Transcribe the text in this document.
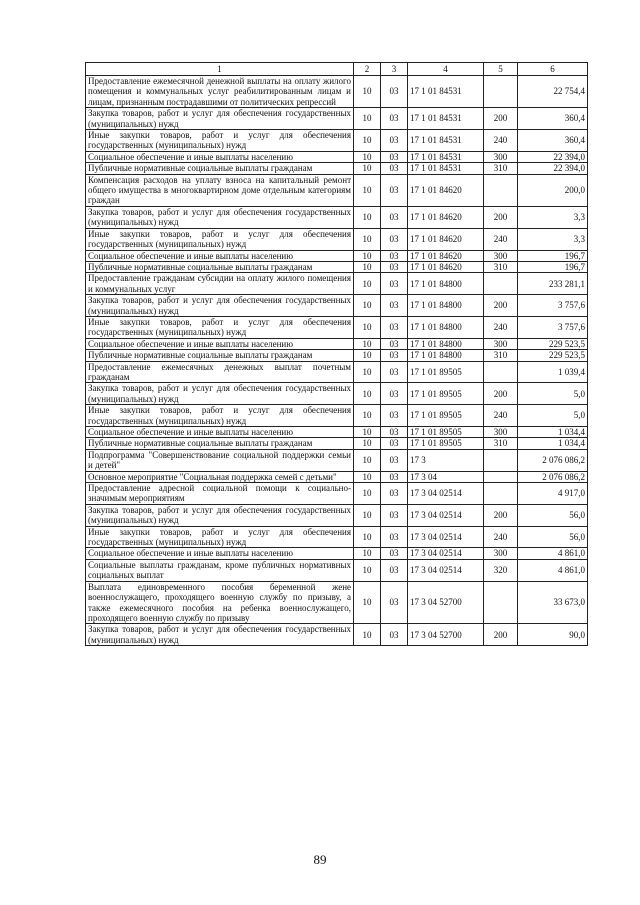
1	2	3	4	5	6
Предоставление ежемесячной денежной выплаты на оплату жилого помещения и коммунальных услуг реабилитированным лицам и лицам, признанным пострадавшими от политических репрессий	10	03	17 1 01 84531		22 754,4
Закупка товаров, работ и услуг для обеспечения государственных (муниципальных) нужд	10	03	17 1 01 84531	200	360,4
Иные закупки товаров, работ и услуг для обеспечения государственных (муниципальных) нужд	10	03	17 1 01 84531	240	360,4
Социальное обеспечение и иные выплаты населению	10	03	17 1 01 84531	300	22 394,0
Публичные нормативные социальные выплаты гражданам	10	03	17 1 01 84531	310	22 394,0
Компенсация расходов на уплату взноса на капитальный ремонт общего имущества в многоквартирном доме отдельным категориям граждан	10	03	17 1 01 84620		200,0
Закупка товаров, работ и услуг для обеспечения государственных (муниципальных) нужд	10	03	17 1 01 84620	200	3,3
Иные закупки товаров, работ и услуг для обеспечения государственных (муниципальных) нужд	10	03	17 1 01 84620	240	3,3
Социальное обеспечение и иные выплаты населению	10	03	17 1 01 84620	300	196,7
Публичные нормативные социальные выплаты гражданам	10	03	17 1 01 84620	310	196,7
Предоставление гражданам субсидии на оплату жилого помещения и коммунальных услуг	10	03	17 1 01 84800		233 281,1
Закупка товаров, работ и услуг для обеспечения государственных (муниципальных) нужд	10	03	17 1 01 84800	200	3 757,6
Иные закупки товаров, работ и услуг для обеспечения государственных (муниципальных) нужд	10	03	17 1 01 84800	240	3 757,6
Социальное обеспечение и иные выплаты населению	10	03	17 1 01 84800	300	229 523,5
Публичные нормативные социальные выплаты гражданам	10	03	17 1 01 84800	310	229 523,5
Предоставление ежемесячных денежных выплат почетным гражданам	10	03	17 1 01 89505		1 039,4
Закупка товаров, работ и услуг для обеспечения государственных (муниципальных) нужд	10	03	17 1 01 89505	200	5,0
Иные закупки товаров, работ и услуг для обеспечения государственных (муниципальных) нужд	10	03	17 1 01 89505	240	5,0
Социальное обеспечение и иные выплаты населению	10	03	17 1 01 89505	300	1 034,4
Публичные нормативные социальные выплаты гражданам	10	03	17 1 01 89505	310	1 034,4
Подпрограмма "Совершенствование социальной поддержки семьи и детей"	10	03	17 3		2 076 086,2
Основное мероприятие "Социальная поддержка семей с детьми"	10	03	17 3 04		2 076 086,2
Предоставление адресной социальной помощи к социально-значимым мероприятиям	10	03	17 3 04 02514		4 917,0
Закупка товаров, работ и услуг для обеспечения государственных (муниципальных) нужд	10	03	17 3 04 02514	200	56,0
Иные закупки товаров, работ и услуг для обеспечения государственных (муниципальных) нужд	10	03	17 3 04 02514	240	56,0
Социальное обеспечение и иные выплаты населению	10	03	17 3 04 02514	300	4 861,0
Социальные выплаты гражданам, кроме публичных нормативных социальных выплат	10	03	17 3 04 02514	320	4 861,0
Выплата единовременного пособия беременной жене военнослужащего, проходящего военную службу по призыву, а также ежемесячного пособия на ребенка военнослужащего, проходящего военную службу по призыву	10	03	17 3 04 52700		33 673,0
Закупка товаров, работ и услуг для обеспечения государственных (муниципальных) нужд	10	03	17 3 04 52700	200	90,0
89
